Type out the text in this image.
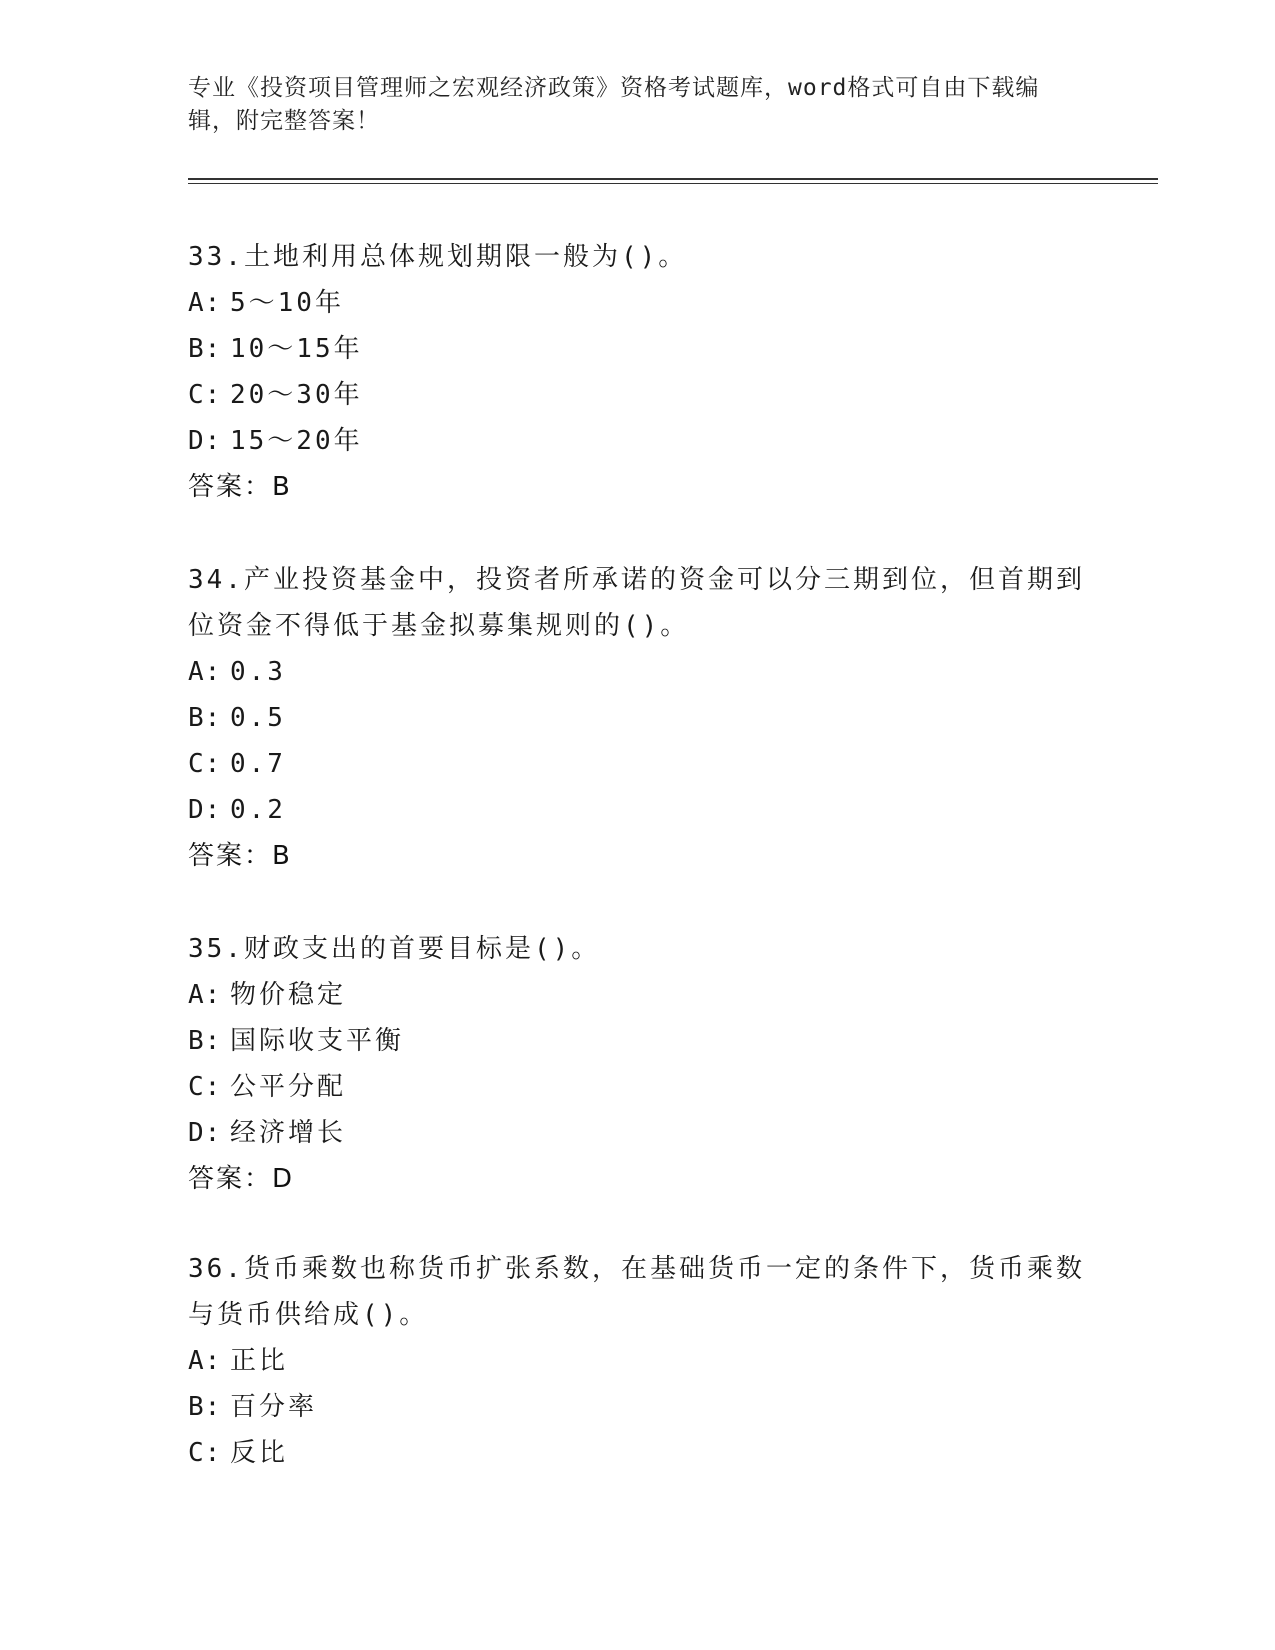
专业《投资项目管理师之宏观经济政策》资格考试题库，word格式可自由下载编辑，附完整答案！

33.土地利用总体规划期限一般为()。

A: 5～10年
B: 10～15年
C: 20～30年
D: 15～20年
答案：B

34.产业投资基金中，投资者所承诺的资金可以分三期到位，但首期到位资金不得低于基金拟募集规则的()。

A: 0.3
B: 0.5
C: 0.7
D: 0.2
答案：B

35.财政支出的首要目标是()。

A: 物价稳定
B: 国际收支平衡
C: 公平分配
D: 经济增长
答案：D

36.货币乘数也称货币扩张系数，在基础货币一定的条件下，货币乘数与货币供给成()。

A: 正比
B: 百分率
C: 反比
